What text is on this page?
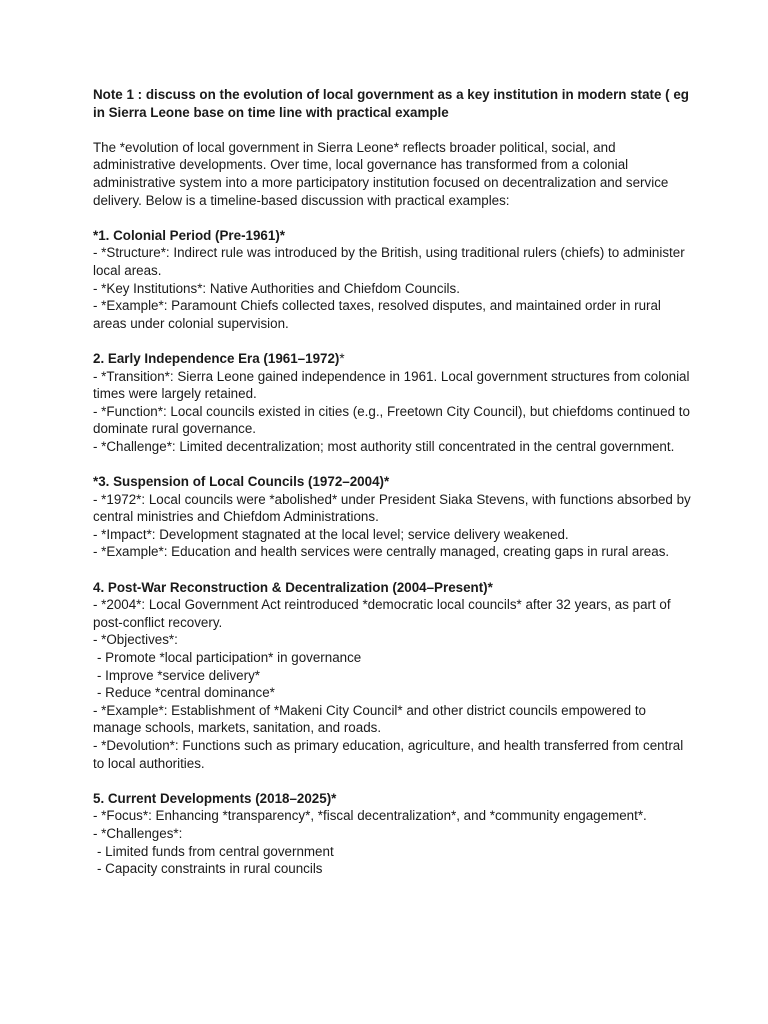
Note 1 : discuss on the evolution of local government as a key institution in modern state ( eg in Sierra Leone base on time line with practical example

The *evolution of local government in Sierra Leone* reflects broader political, social, and administrative developments. Over time, local governance has transformed from a colonial administrative system into a more participatory institution focused on decentralization and service delivery. Below is a timeline-based discussion with practical examples:

*1. Colonial Period (Pre-1961)*
- *Structure*: Indirect rule was introduced by the British, using traditional rulers (chiefs) to administer local areas.
- *Key Institutions*: Native Authorities and Chiefdom Councils.
- *Example*: Paramount Chiefs collected taxes, resolved disputes, and maintained order in rural areas under colonial supervision.
2. Early Independence Era (1961–1972)*
- *Transition*: Sierra Leone gained independence in 1961. Local government structures from colonial times were largely retained.
- *Function*: Local councils existed in cities (e.g., Freetown City Council), but chiefdoms continued to dominate rural governance.
- *Challenge*: Limited decentralization; most authority still concentrated in the central government.
*3. Suspension of Local Councils (1972–2004)*
- *1972*: Local councils were *abolished* under President Siaka Stevens, with functions absorbed by central ministries and Chiefdom Administrations.
- *Impact*: Development stagnated at the local level; service delivery weakened.
- *Example*: Education and health services were centrally managed, creating gaps in rural areas.
4. Post-War Reconstruction & Decentralization (2004–Present)*
- *2004*: Local Government Act reintroduced *democratic local councils* after 32 years, as part of post-conflict recovery.
- *Objectives*:
- Promote *local participation* in governance
- Improve *service delivery*
- Reduce *central dominance*
- *Example*: Establishment of *Makeni City Council* and other district councils empowered to manage schools, markets, sanitation, and roads.
- *Devolution*: Functions such as primary education, agriculture, and health transferred from central to local authorities.
5. Current Developments (2018–2025)*
- *Focus*: Enhancing *transparency*, *fiscal decentralization*, and *community engagement*.
- *Challenges*:
- Limited funds from central government
- Capacity constraints in rural councils
